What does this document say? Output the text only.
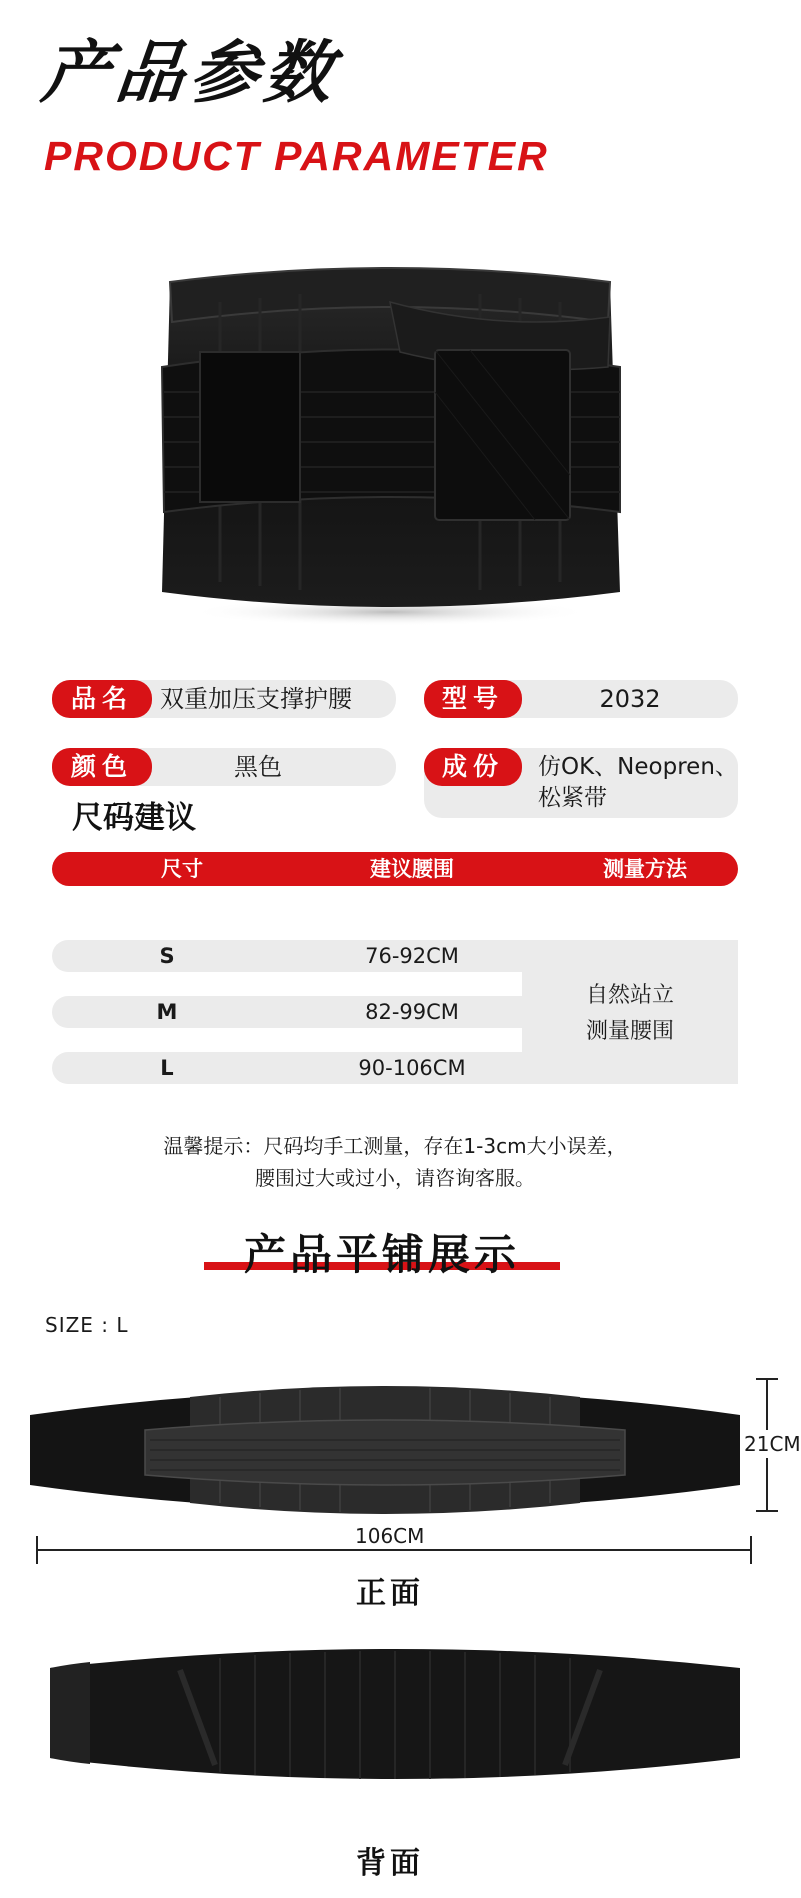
产品参数
PRODUCT PARAMETER
品名	双重加压支撑护腰	型号	2032
颜色	黑色	成份	仿OK、Neopren、
松紧带
尺码建议
尺寸	建议腰围	测量方法
S	76-92CM
M	82-99CM
L	90-106CM
自然站立
测量腰围
温馨提示：尺码均手工测量，存在1-3cm大小误差，
腰围过大或过小，请咨询客服。
产品平铺展示
SIZE : L
21CM
106CM
正面
背面
